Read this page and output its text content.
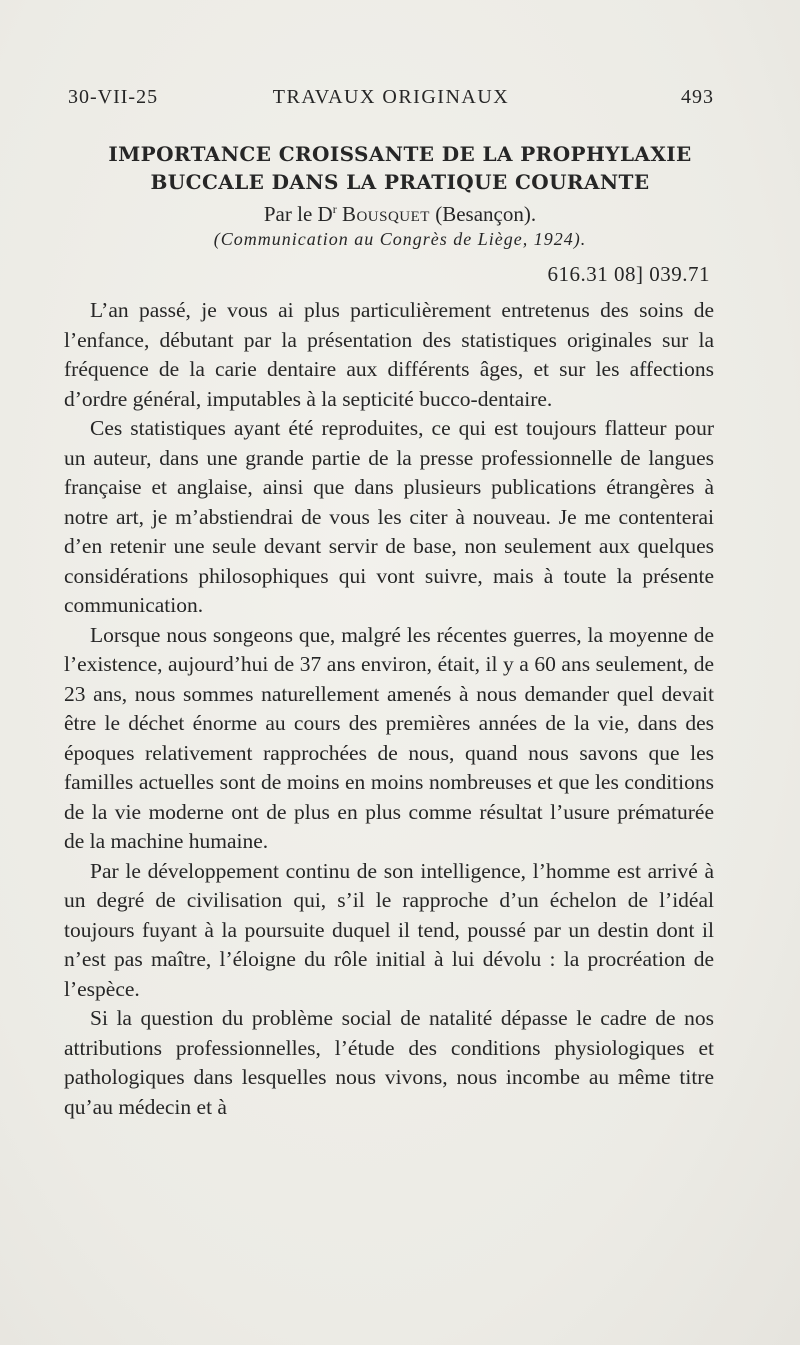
30-VII-25	TRAVAUX ORIGINAUX	493
IMPORTANCE CROISSANTE DE LA PROPHYLAXIE
BUCCALE DANS LA PRATIQUE COURANTE
Par le $D^r$ Bousquet (Besançon).
(Communication au Congrès de Liège, 1924).
616.31 08] 039.71

L’an passé, je vous ai plus particulièrement entretenus des soins de l’enfance, débutant par la présentation des statistiques originales sur la fréquence de la carie dentaire aux différents âges, et sur les affections d’ordre général, imputables à la septicité bucco-dentaire.

Ces statistiques ayant été reproduites, ce qui est toujours flatteur pour un auteur, dans une grande partie de la presse professionnelle de langues française et anglaise, ainsi que dans plusieurs publications étrangères à notre art, je m’abstiendrai de vous les citer à nouveau. Je me contenterai d’en retenir une seule devant servir de base, non seulement aux quelques considérations philosophiques qui vont suivre, mais à toute la présente communication.

Lorsque nous songeons que, malgré les récentes guerres, la moyenne de l’existence, aujourd’hui de 37 ans environ, était, il y a 60 ans seulement, de 23 ans, nous sommes naturellement amenés à nous demander quel devait être le déchet énorme au cours des premières années de la vie, dans des époques relativement rapprochées de nous, quand nous savons que les familles actuelles sont de moins en moins nombreuses et que les conditions de la vie moderne ont de plus en plus comme résultat l’usure prématurée de la machine humaine.

Par le développement continu de son intelligence, l’homme est arrivé à un degré de civilisation qui, s’il le rapproche d’un échelon de l’idéal toujours fuyant à la poursuite duquel il tend, poussé par un destin dont il n’est pas maître, l’éloigne du rôle initial à lui dévolu : la procréation de l’espèce.

Si la question du problème social de natalité dépasse le cadre de nos attributions professionnelles, l’étude des conditions physiologiques et pathologiques dans lesquelles nous vivons, nous incombe au même titre qu’au médecin et à
